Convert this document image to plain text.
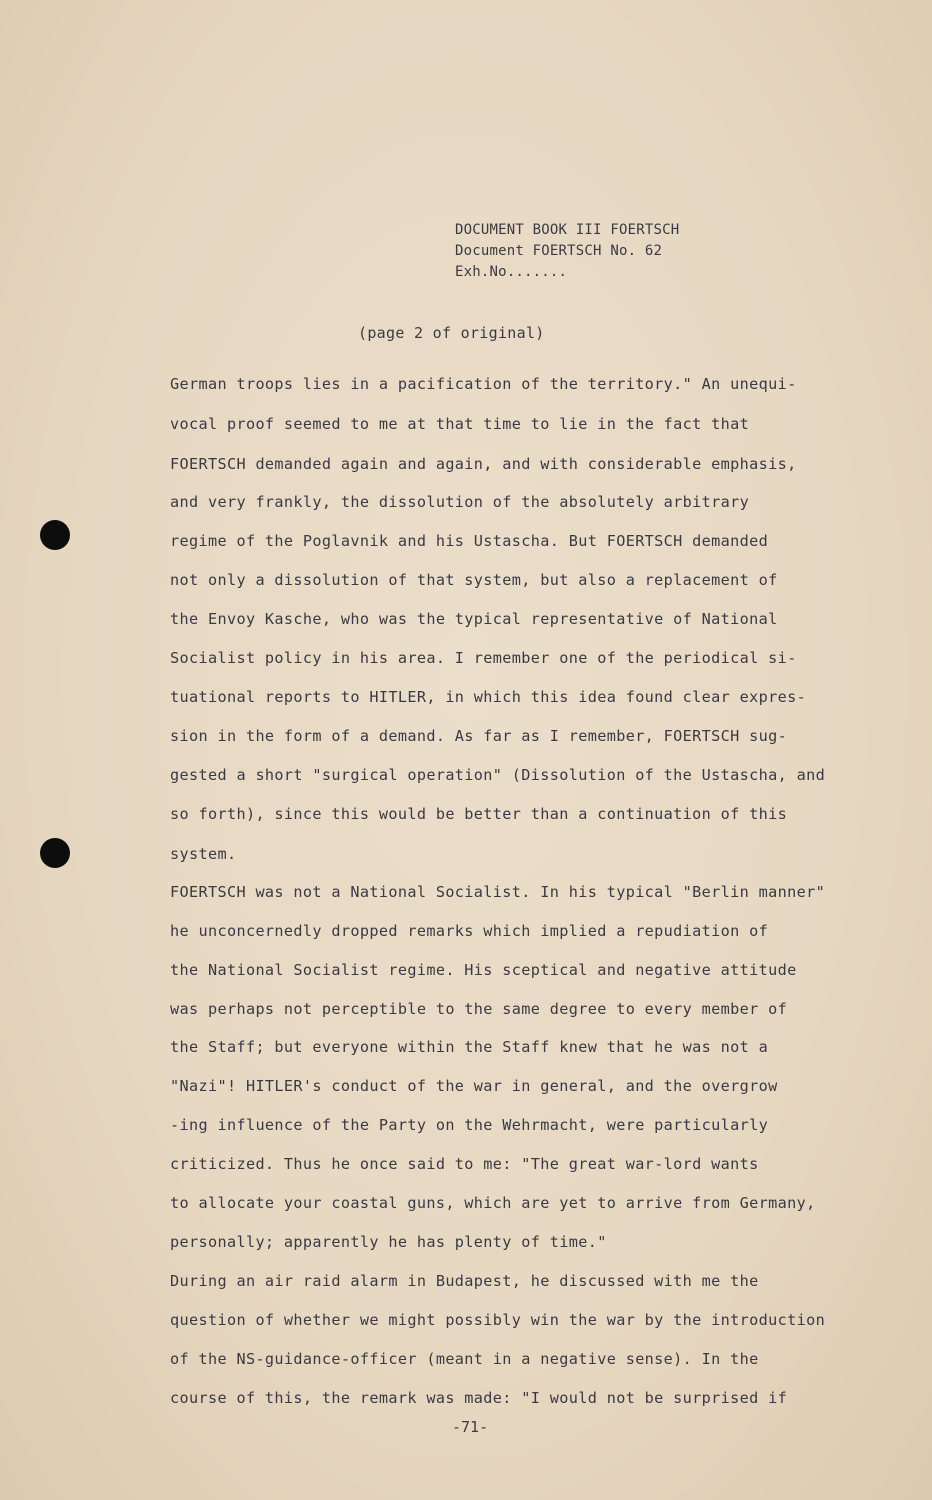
DOCUMENT BOOK III FOERTSCH
Document FOERTSCH No. 62
Exh.No.......
(page 2 of original)
German troops lies in a pacification of the territory." An unequi-
vocal proof seemed to me at that time to lie in the fact that
FOERTSCH demanded again and again, and with considerable emphasis,
and very frankly, the dissolution of the absolutely arbitrary
regime of the Poglavnik and his Ustascha. But FOERTSCH demanded
not only a dissolution of that system, but also a replacement of
the Envoy Kasche, who was the typical representative of National
Socialist policy in his area. I remember one of the periodical si-
tuational reports to HITLER, in which this idea found clear expres-
sion in the form of a demand. As far as I remember, FOERTSCH sug-
gested a short "surgical operation" (Dissolution of the Ustascha, and
so forth), since this would be better than a continuation of this
system.
FOERTSCH was not a National Socialist. In his typical "Berlin manner"
he unconcernedly dropped remarks which implied a repudiation of
the National Socialist regime. His sceptical and negative attitude
was perhaps not perceptible to the same degree to every member of
the Staff; but everyone within the Staff knew that he was not a
"Nazi"! HITLER's conduct of the war in general, and the overgrow
-ing influence of the Party on the Wehrmacht, were particularly
criticized. Thus he once said to me: "The great war-lord wants
to allocate your coastal guns, which are yet to arrive from Germany,
personally; apparently he has plenty of time."
During an air raid alarm in Budapest, he discussed with me the
question of whether we might possibly win the war by the introduction
of the NS-guidance-officer (meant in a negative sense). In the
course of this, the remark was made: "I would not be surprised if
-71-
